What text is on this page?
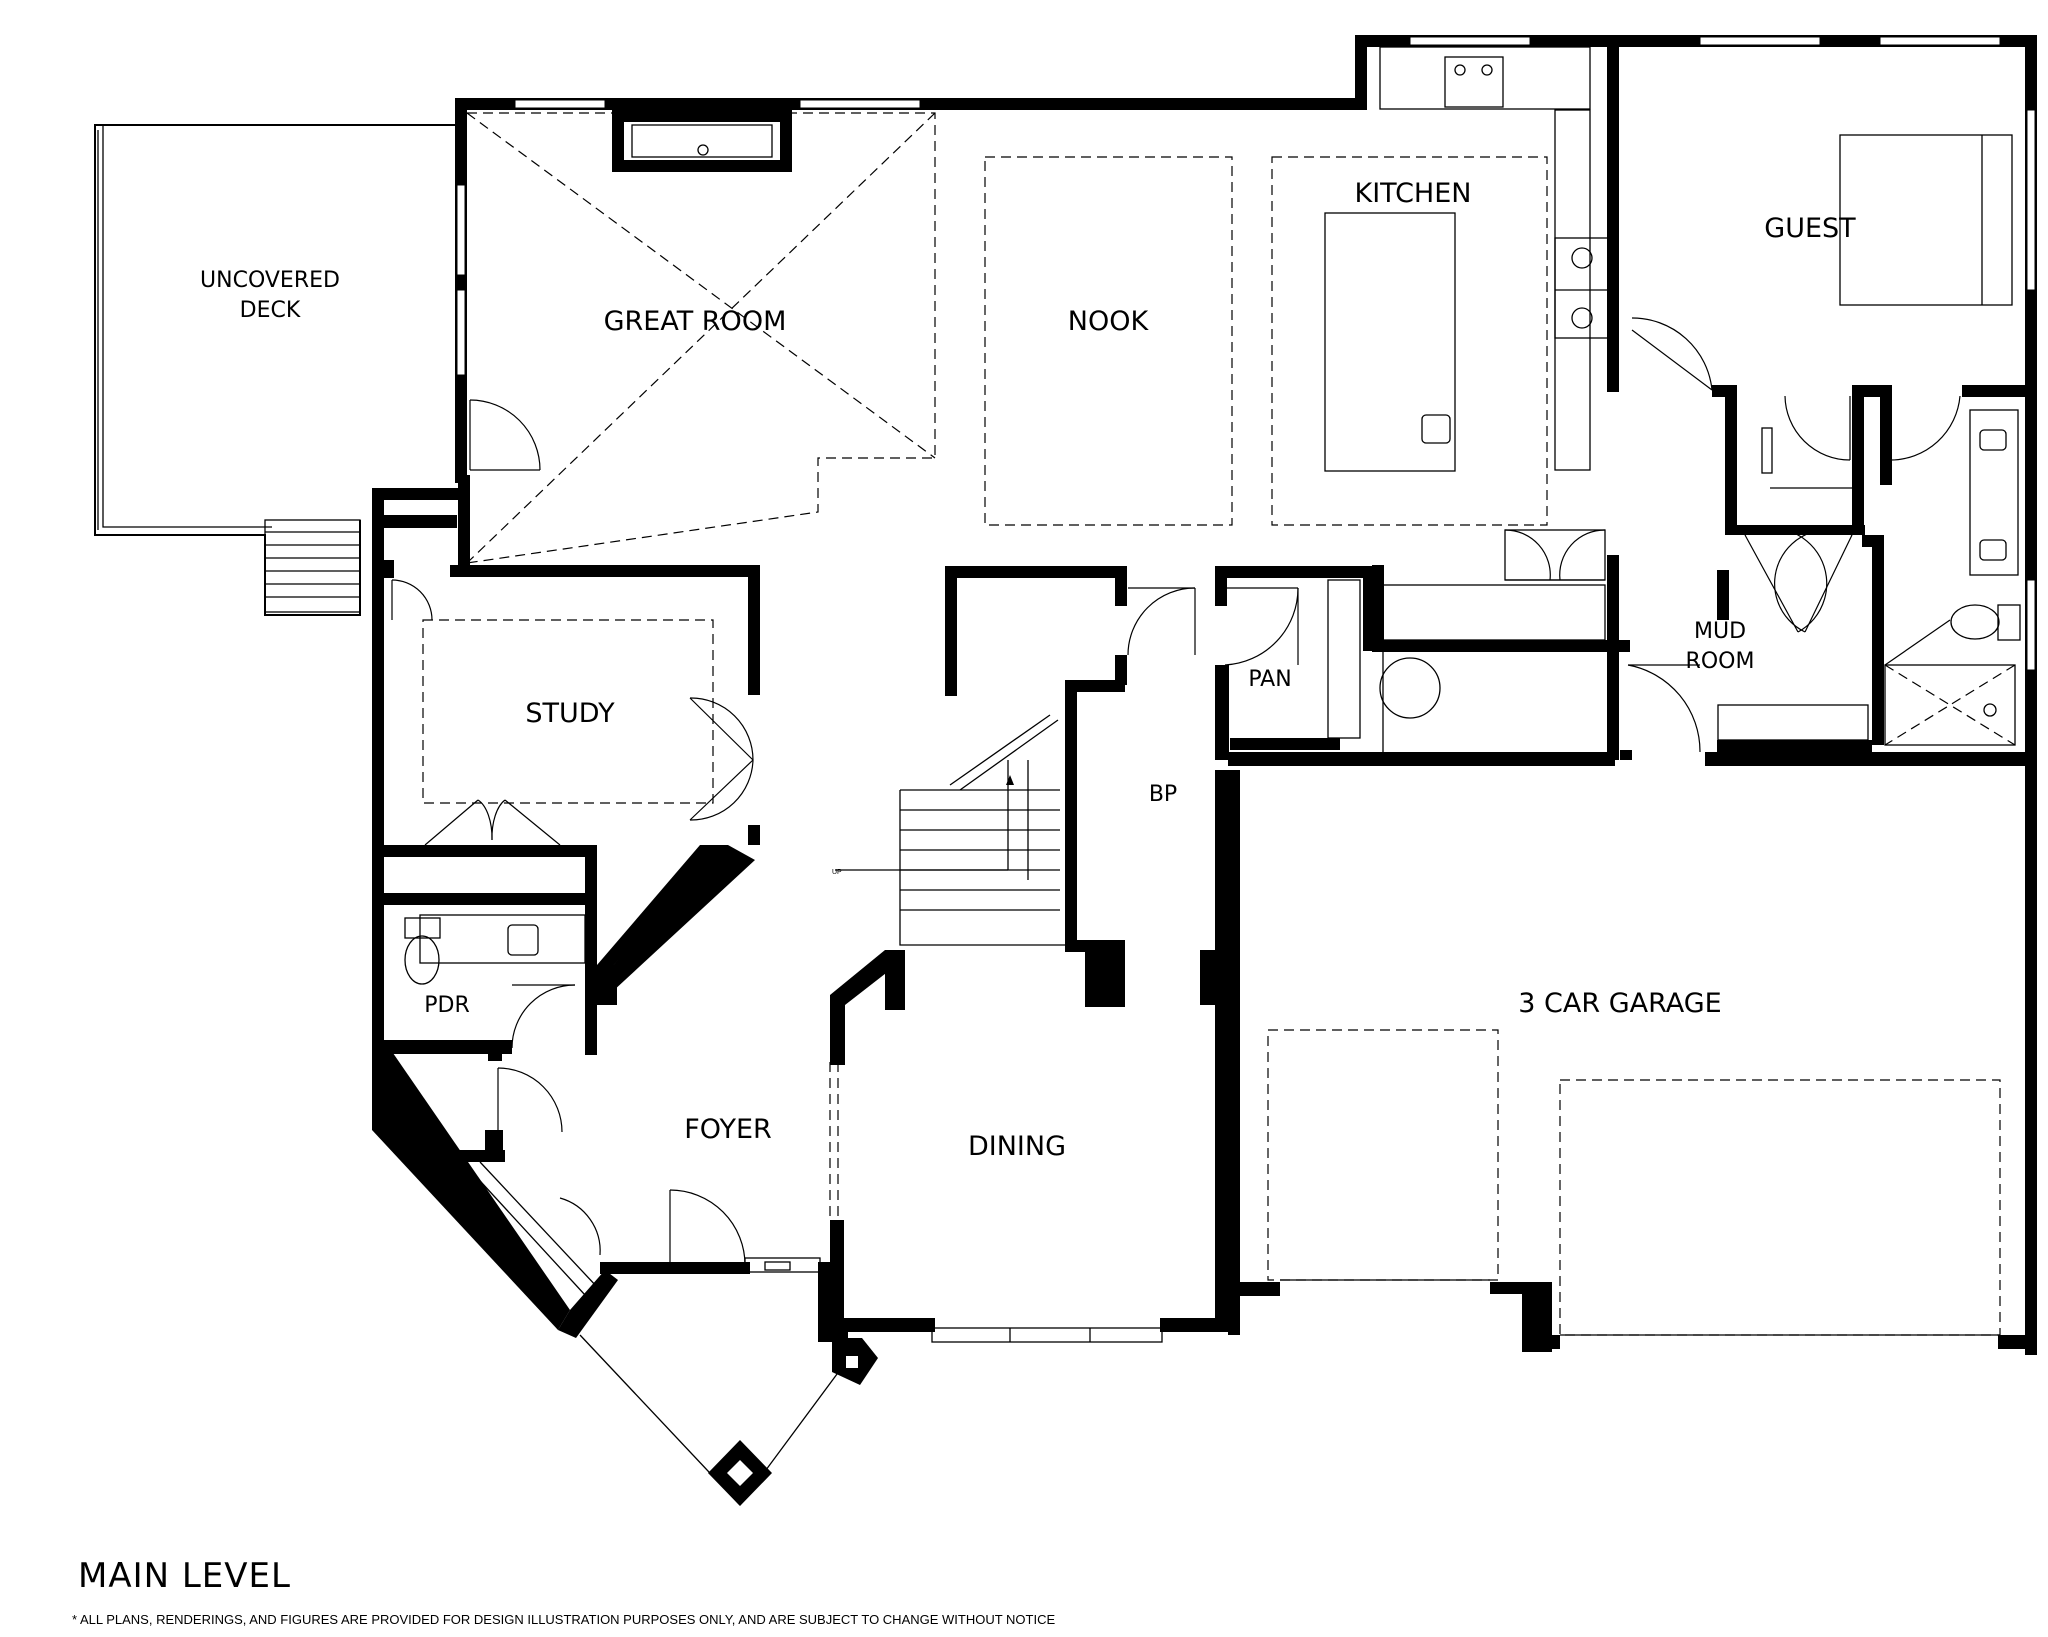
UP
UNCOVERED
DECK	GREAT ROOM	NOOK
KITCHEN
GUEST
MUD
ROOM
PAN
BP
STUDY
PDR
FOYER
DINING
3 CAR GARAGE
MAIN LEVEL
* ALL PLANS, RENDERINGS, AND FIGURES ARE PROVIDED FOR DESIGN ILLUSTRATION PURPOSES ONLY, AND ARE SUBJECT TO CHANGE WITHOUT NOTICE
